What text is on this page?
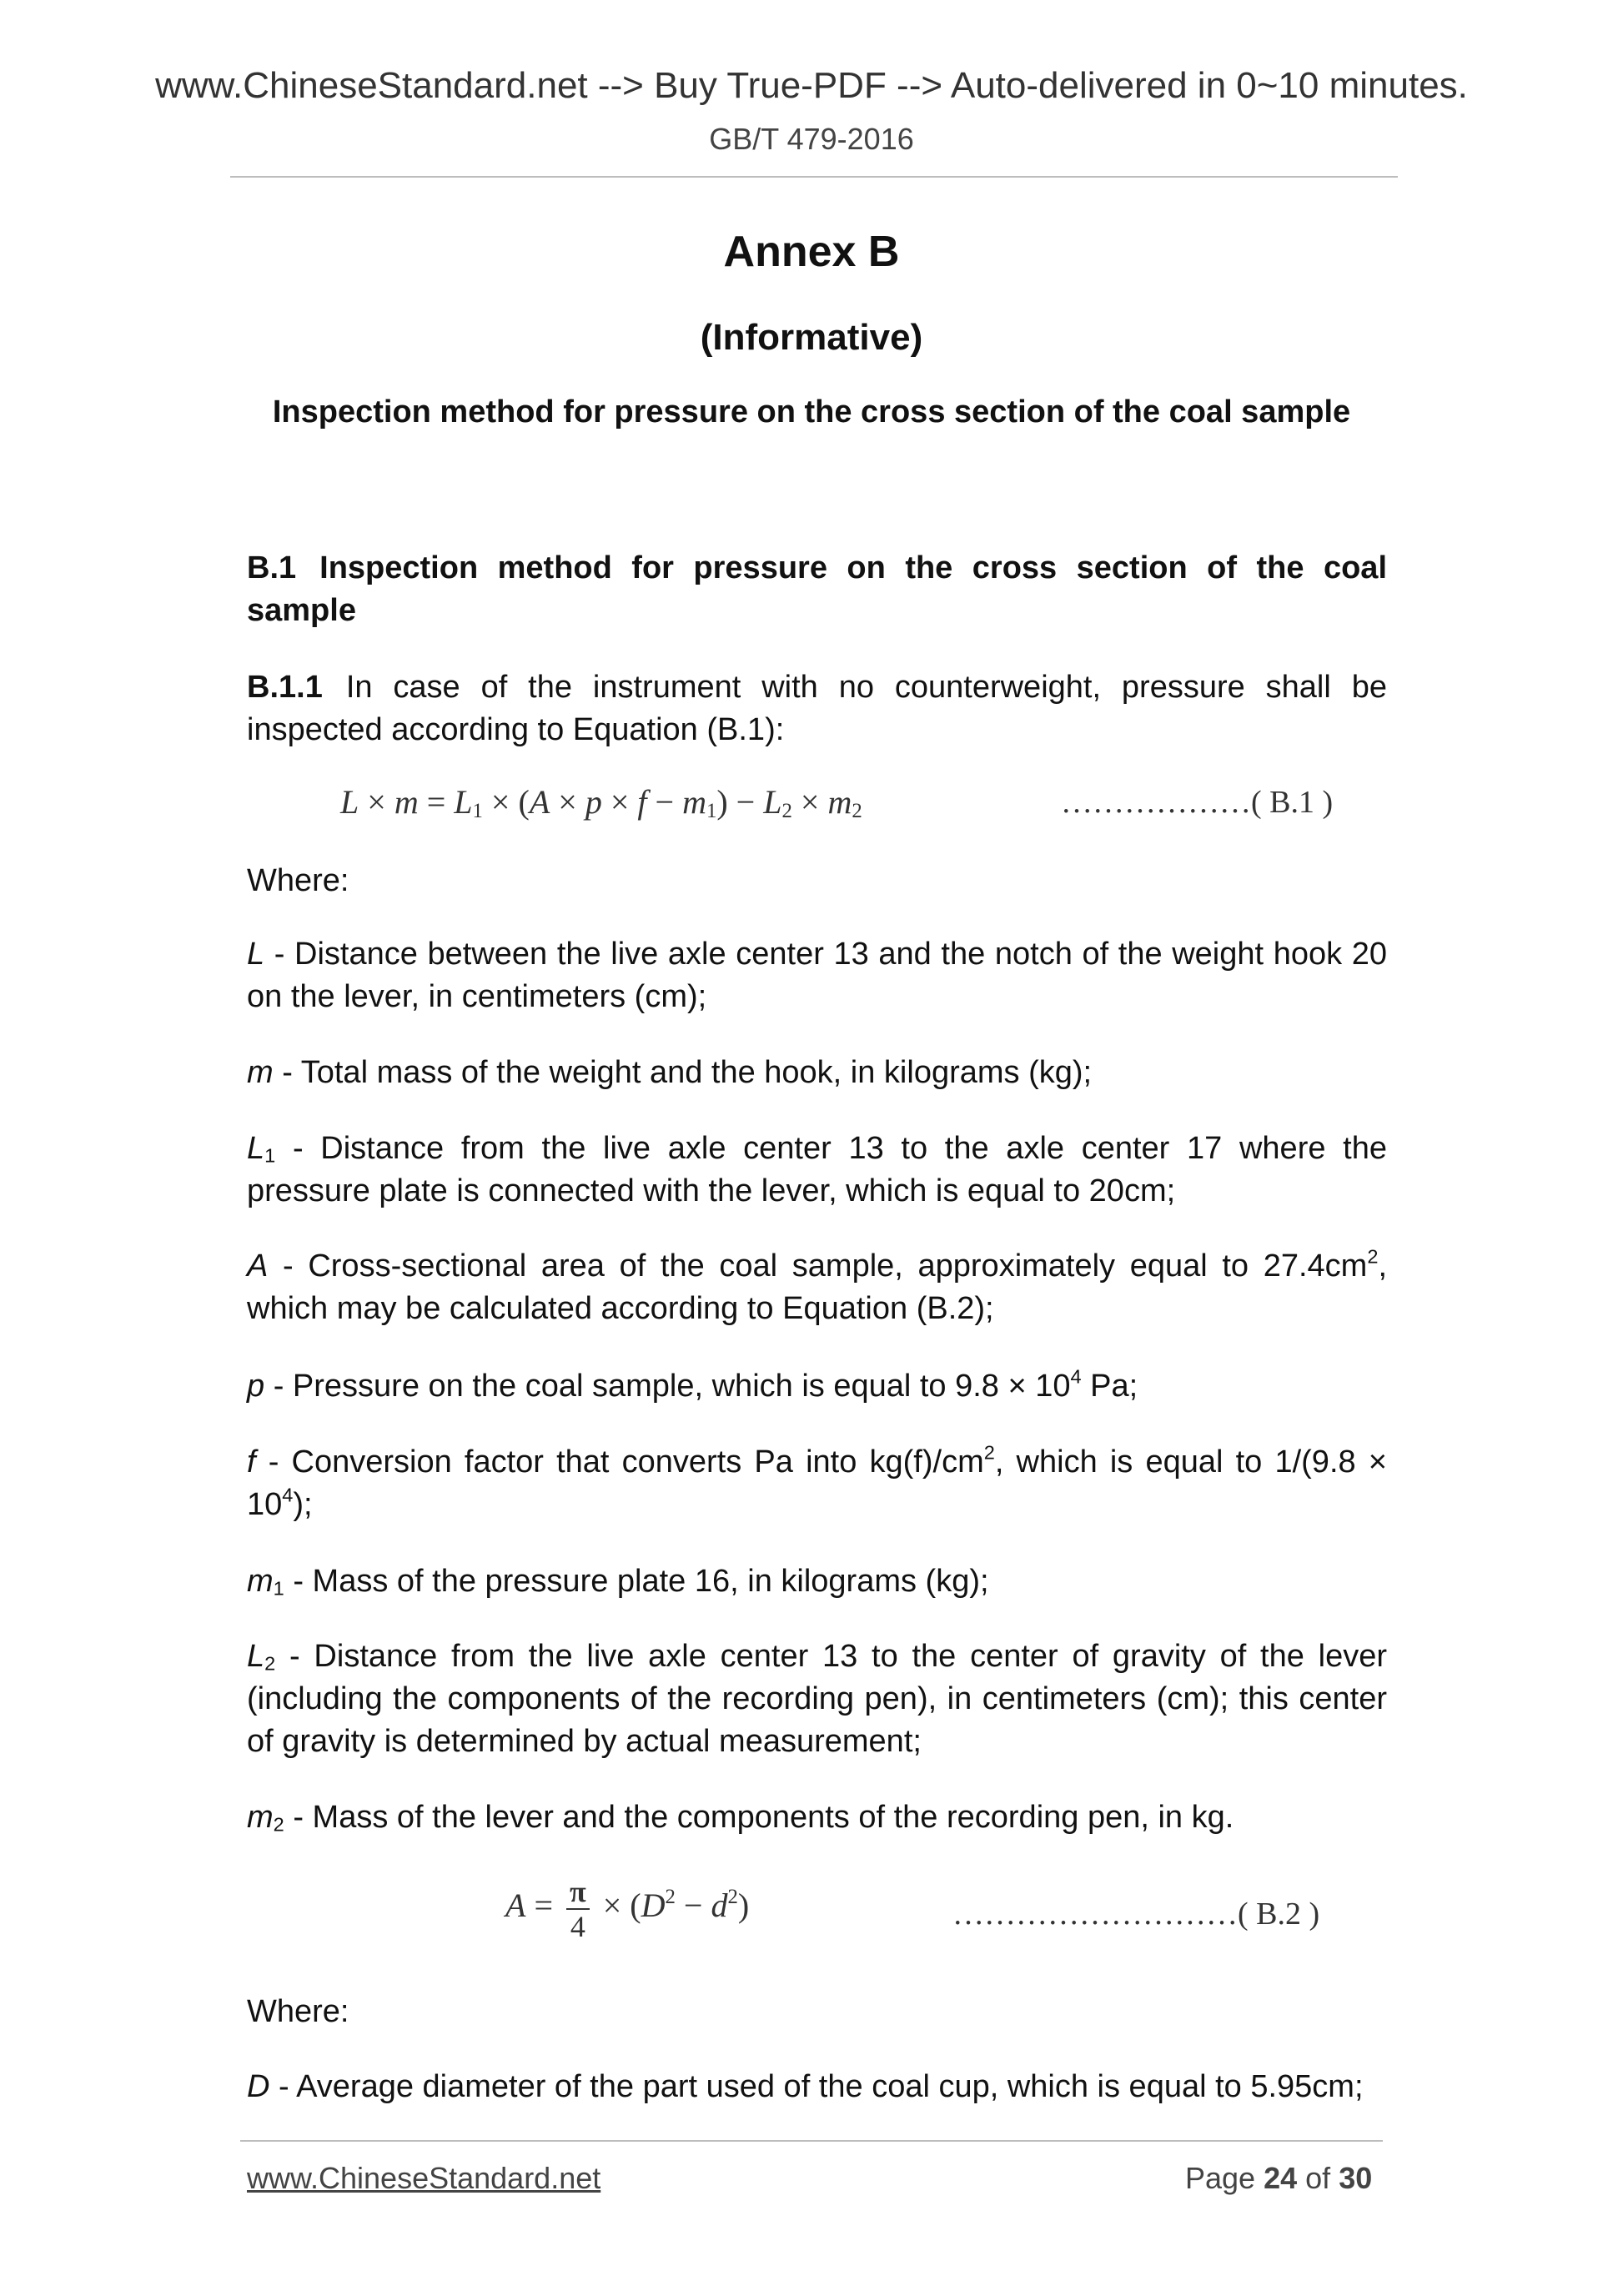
www.ChineseStandard.net --> Buy True-PDF --> Auto-delivered in 0~10 minutes.
GB/T 479-2016
Annex B
(Informative)
Inspection method for pressure on the cross section of the coal sample
B.1 Inspection method for pressure on the cross section of the coal sample
B.1.1 In case of the instrument with no counterweight, pressure shall be inspected according to Equation (B.1):
$L \times m = L_1 \times (A \times p \times f - m_1) - L_2 \times m_2$	………………( B.1 )
Where:
L - Distance between the live axle center 13 and the notch of the weight hook 20 on the lever, in centimeters (cm);
m - Total mass of the weight and the hook, in kilograms (kg);
$L_1$ - Distance from the live axle center 13 to the axle center 17 where the pressure plate is connected with the lever, which is equal to 20cm;
A - Cross-sectional area of the coal sample, approximately equal to $27.4cm^2$, which may be calculated according to Equation (B.2);
p - Pressure on the coal sample, which is equal to $9.8 \times 10^4$ Pa;
f - Conversion factor that converts Pa into $kg(f)/cm^2$, which is equal to $1/(9.8 \times 10^4)$;
$m_1$ - Mass of the pressure plate 16, in kilograms (kg);
$L_2$ - Distance from the live axle center 13 to the center of gravity of the lever (including the components of the recording pen), in centimeters (cm); this center of gravity is determined by actual measurement;
$m_2$ - Mass of the lever and the components of the recording pen, in kg.
$A = \frac{\pi}{4} \times (D^2 - d^2)$	………………………( B.2 )
Where:
D - Average diameter of the part used of the coal cup, which is equal to 5.95cm;
www.ChineseStandard.net	Page 24 of 30
